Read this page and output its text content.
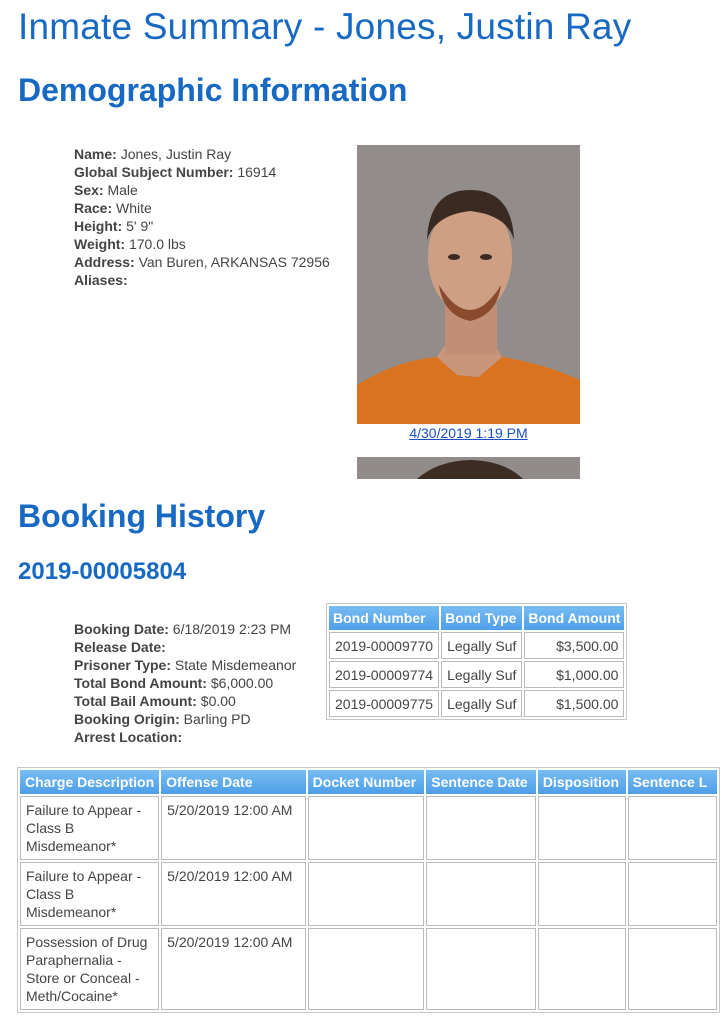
Inmate Summary - Jones, Justin Ray
Demographic Information
Name: Jones, Justin Ray
Global Subject Number: 16914
Sex: Male
Race: White
Height: 5' 9"
Weight: 170.0 lbs
Address: Van Buren, ARKANSAS 72956
Aliases:
4/30/2019 1:19 PM
Booking History
2019-00005804
Booking Date: 6/18/2019 2:23 PM
Release Date:
Prisoner Type: State Misdemeanor
Total Bond Amount: $6,000.00
Total Bail Amount: $0.00
Booking Origin: Barling PD
Arrest Location:
Bond Number	Bond Type	Bond Amount
2019-00009770	Legally Suf	$3,500.00
2019-00009774	Legally Suf	$1,000.00
2019-00009775	Legally Suf	$1,500.00
Charge Description	Offense Date	Docket Number	Sentence Date	Disposition	Sentence L
Failure to Appear - Class B Misdemeanor*	5/20/2019 12:00 AM				
Failure to Appear - Class B Misdemeanor*	5/20/2019 12:00 AM				
Possession of Drug Paraphernalia - Store or Conceal - Meth/Cocaine*	5/20/2019 12:00 AM				
